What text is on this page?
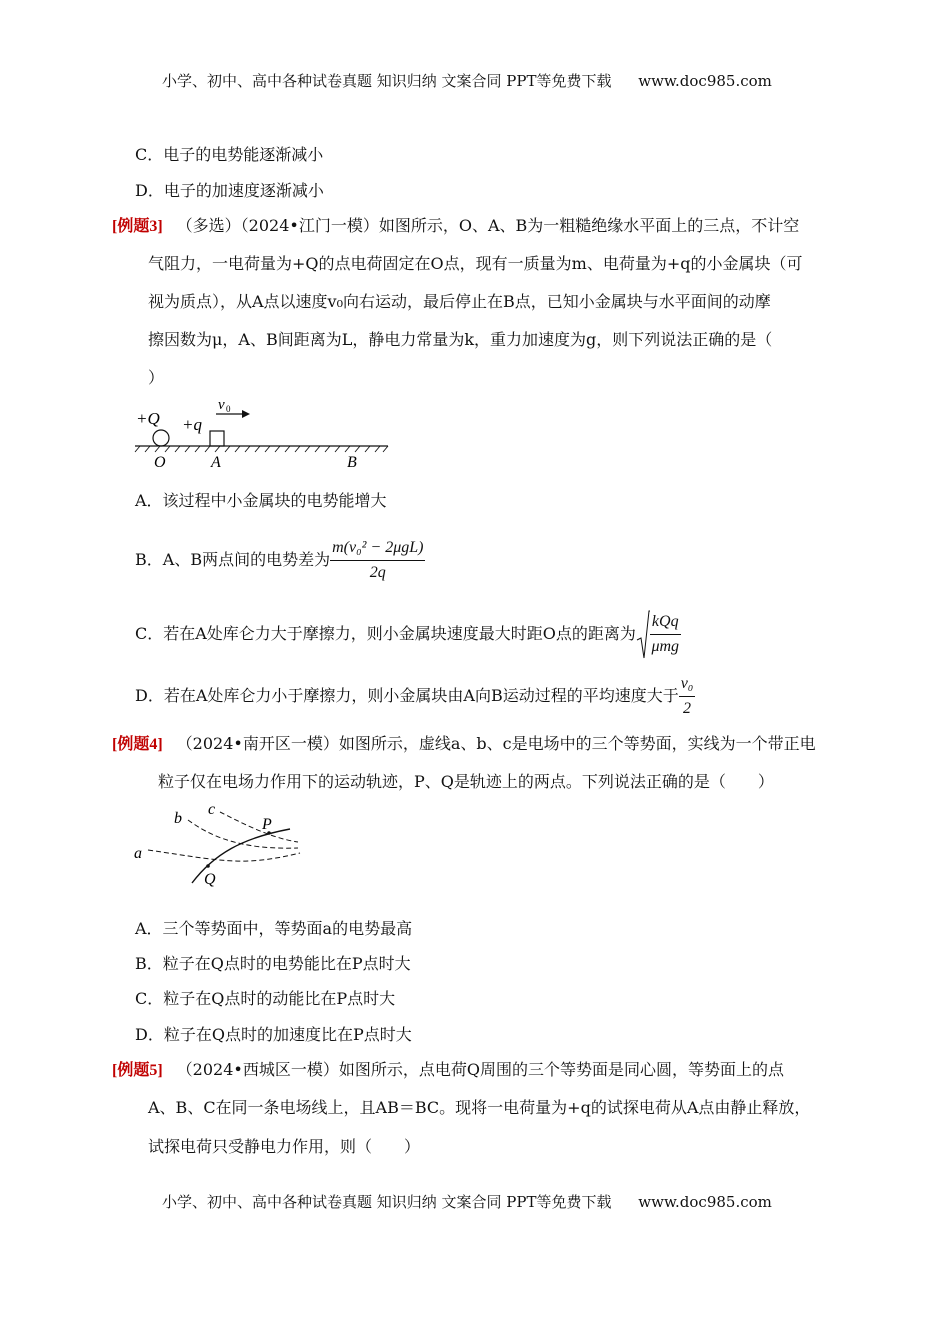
小学、初中、高中各种试卷真题 知识归纳 文案合同 PPT等免费下载 www.doc985.com
C．电子的电势能逐渐减小
D．电子的加速度逐渐减小
[例题3] （多选）（2024•江门一模）如图所示，O、A、B为一粗糙绝缘水平面上的三点，不计空
气阻力，一电荷量为+Q的点电荷固定在O点，现有一质量为m、电荷量为+q的小金属块（可
视为质点），从A点以速度v₀向右运动，最后停止在B点，已知小金属块与水平面间的动摩
擦因数为μ，A、B间距离为L，静电力常量为k，重力加速度为g，则下列说法正确的是（
）
+Q +q
v 0
O	A	B
A．该过程中小金属块的电势能增大
B．A、B两点间的电势差为 $\frac{\text{m(v₀² − 2μgL)}}{2q}$
C．若在A处库仑力大于摩擦力，则小金属块速度最大时距O点的距离为 $\frac{\text{kQq}}{\text{μmg}}$
D．若在A处库仑力小于摩擦力，则小金属块由A向B运动过程的平均速度大于 $\frac{\text{v₀}}{2}$
[例题4] （2024•南开区一模）如图所示，虚线a、b、c是电场中的三个等势面，实线为一个带正电
粒子仅在电场力作用下的运动轨迹，P、Q是轨迹上的两点。下列说法正确的是（　　）
a
b
c
P
Q
A．三个等势面中，等势面a的电势最高
B．粒子在Q点时的电势能比在P点时大
C．粒子在Q点时的动能比在P点时大
D．粒子在Q点时的加速度比在P点时大
[例题5] （2024•西城区一模）如图所示，点电荷Q周围的三个等势面是同心圆，等势面上的点
A、B、C在同一条电场线上，且AB＝BC。现将一电荷量为+q的试探电荷从A点由静止释放，
试探电荷只受静电力作用，则（　　）
小学、初中、高中各种试卷真题 知识归纳 文案合同 PPT等免费下载 www.doc985.com
